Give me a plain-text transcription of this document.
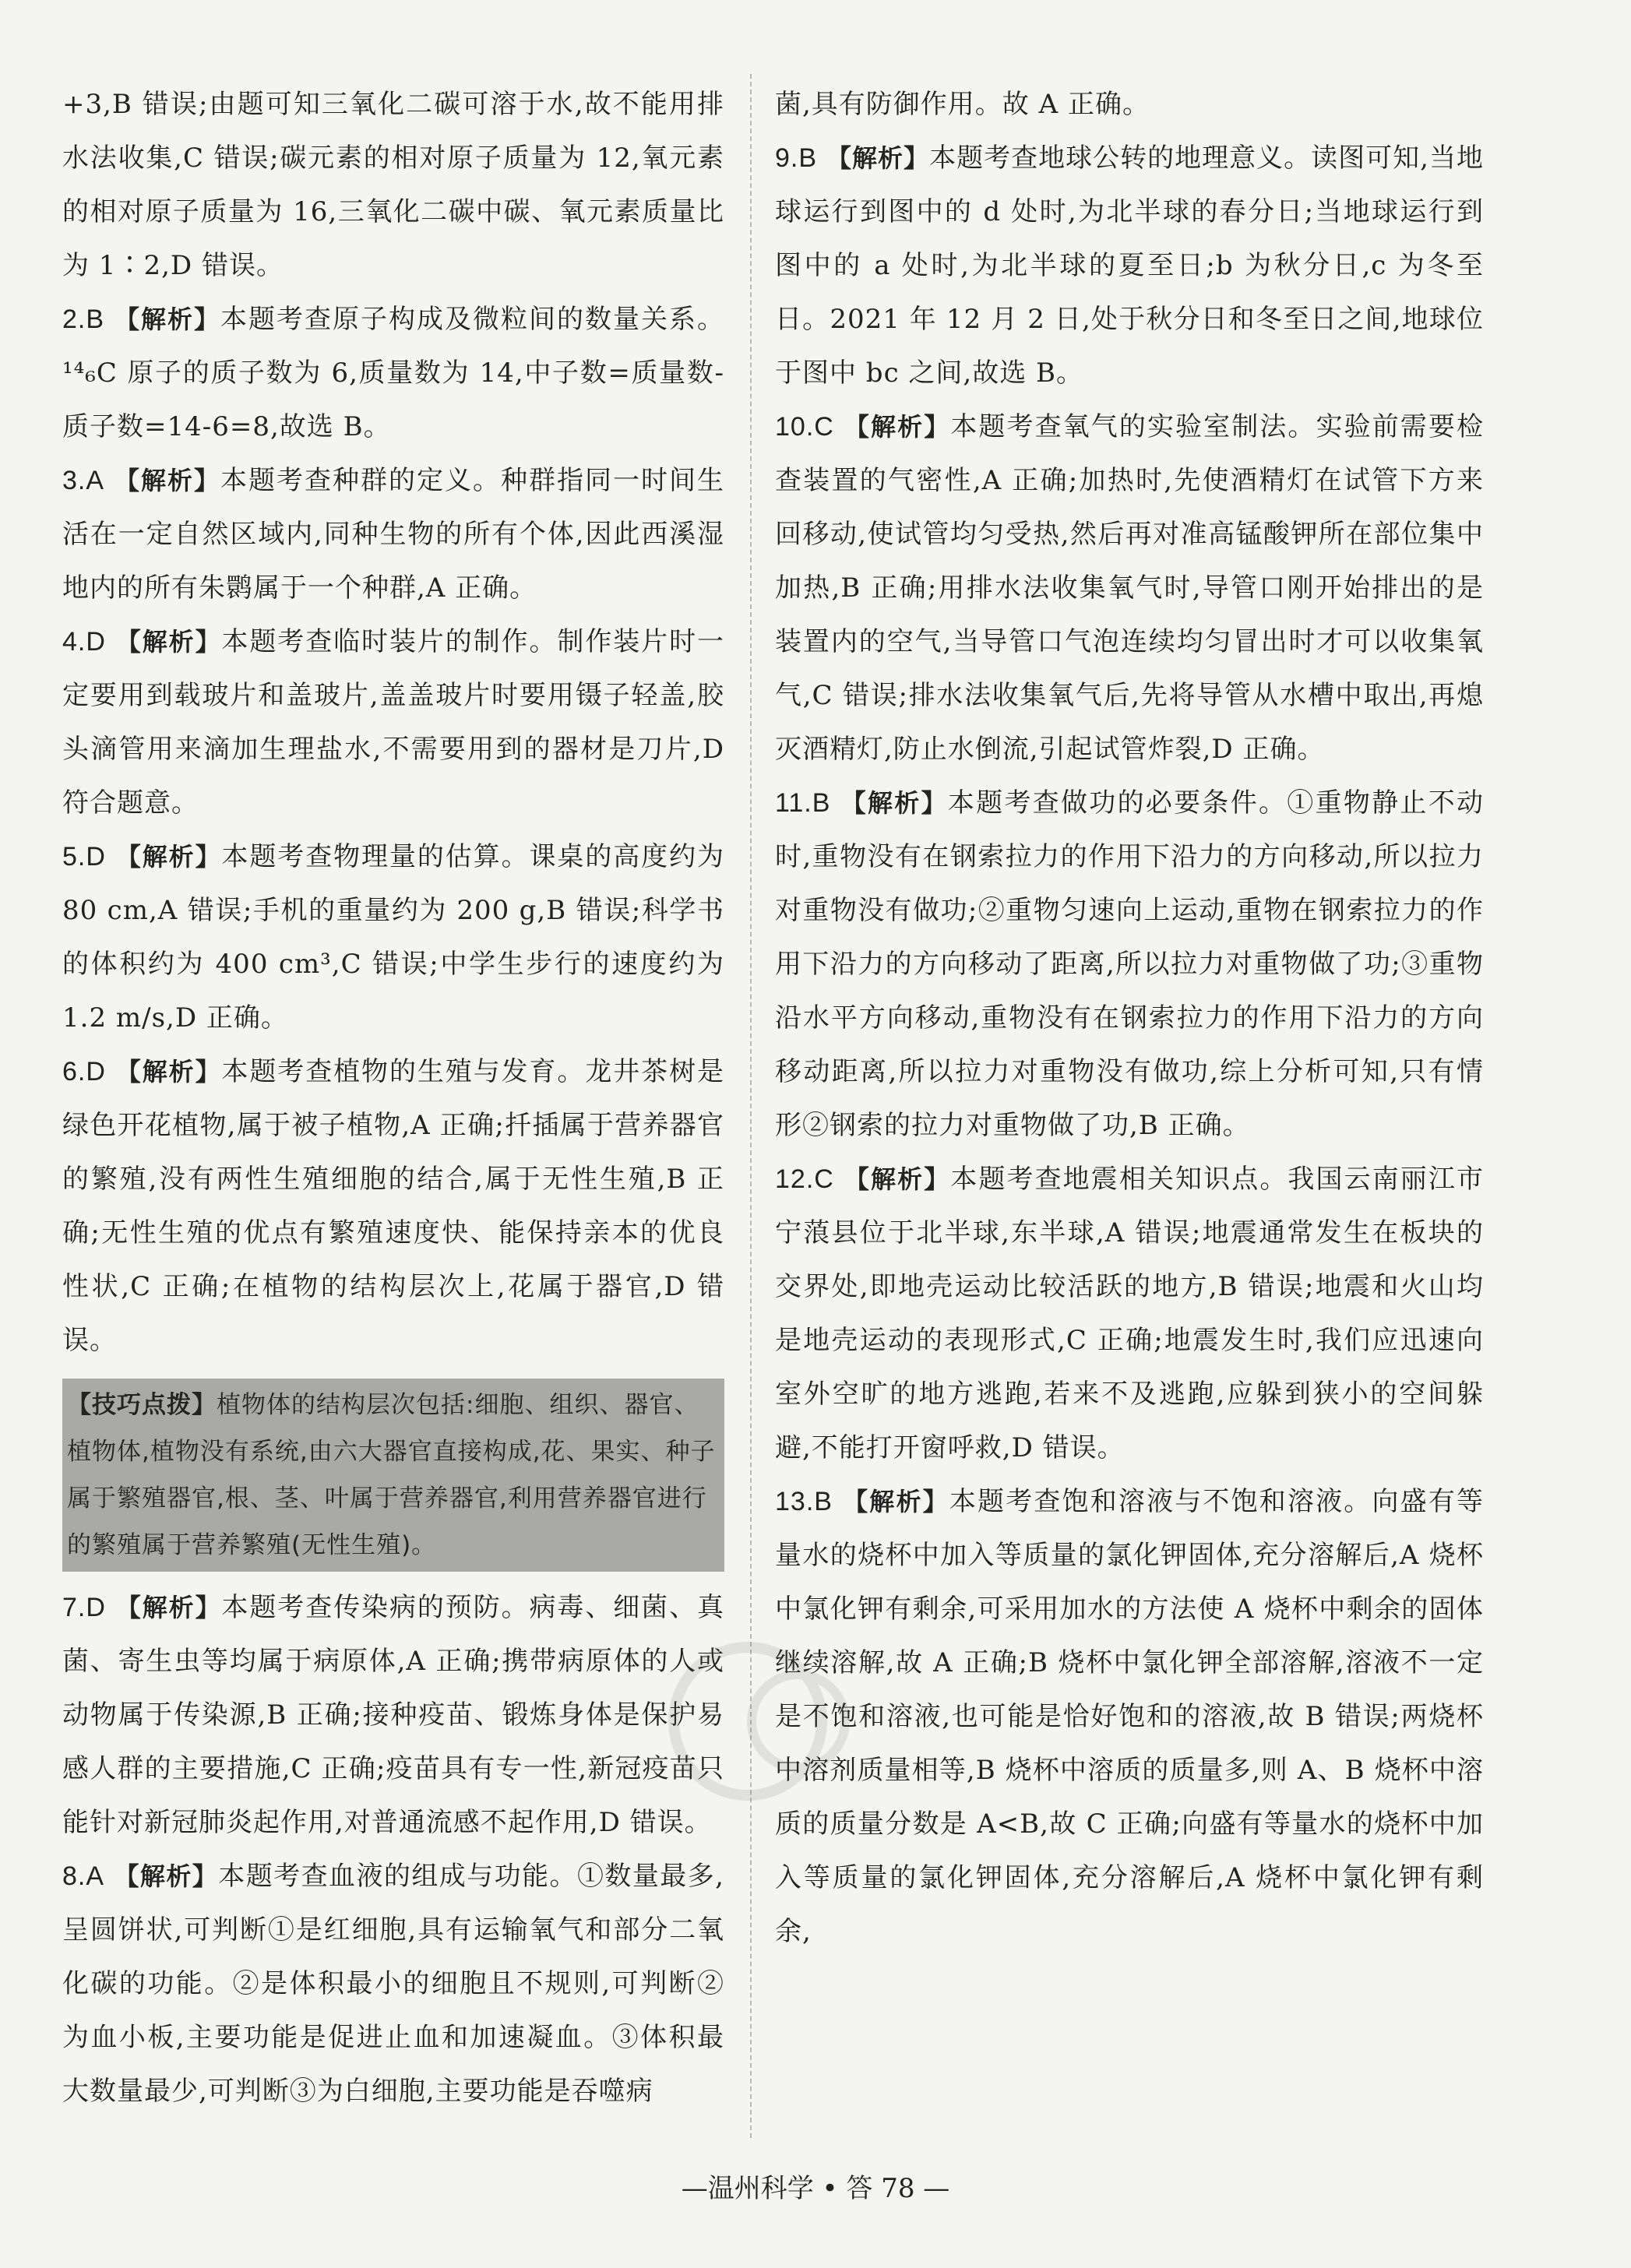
+3,B 错误;由题可知三氧化二碳可溶于水,故不能用排水法收集,C 错误;碳元素的相对原子质量为 12,氧元素的相对原子质量为 16,三氧化二碳中碳、氧元素质量比为 1∶2,D 错误。

2.B 【解析】本题考查原子构成及微粒间的数量关系。¹⁴₆C 原子的质子数为 6,质量数为 14,中子数=质量数-质子数=14-6=8,故选 B。

3.A 【解析】本题考查种群的定义。种群指同一时间生活在一定自然区域内,同种生物的所有个体,因此西溪湿地内的所有朱鹮属于一个种群,A 正确。

4.D 【解析】本题考查临时装片的制作。制作装片时一定要用到载玻片和盖玻片,盖盖玻片时要用镊子轻盖,胶头滴管用来滴加生理盐水,不需要用到的器材是刀片,D 符合题意。

5.D 【解析】本题考查物理量的估算。课桌的高度约为 80 cm,A 错误;手机的重量约为 200 g,B 错误;科学书的体积约为 400 cm³,C 错误;中学生步行的速度约为 1.2 m/s,D 正确。

6.D 【解析】本题考查植物的生殖与发育。龙井茶树是绿色开花植物,属于被子植物,A 正确;扦插属于营养器官的繁殖,没有两性生殖细胞的结合,属于无性生殖,B 正确;无性生殖的优点有繁殖速度快、能保持亲本的优良性状,C 正确;在植物的结构层次上,花属于器官,D 错误。

【技巧点拨】植物体的结构层次包括:细胞、组织、器官、植物体,植物没有系统,由六大器官直接构成,花、果实、种子属于繁殖器官,根、茎、叶属于营养器官,利用营养器官进行的繁殖属于营养繁殖(无性生殖)。

7.D 【解析】本题考查传染病的预防。病毒、细菌、真菌、寄生虫等均属于病原体,A 正确;携带病原体的人或动物属于传染源,B 正确;接种疫苗、锻炼身体是保护易感人群的主要措施,C 正确;疫苗具有专一性,新冠疫苗只能针对新冠肺炎起作用,对普通流感不起作用,D 错误。

8.A 【解析】本题考查血液的组成与功能。①数量最多,呈圆饼状,可判断①是红细胞,具有运输氧气和部分二氧化碳的功能。②是体积最小的细胞且不规则,可判断②为血小板,主要功能是促进止血和加速凝血。③体积最大数量最少,可判断③为白细胞,主要功能是吞噬病

菌,具有防御作用。故 A 正确。

9.B 【解析】本题考查地球公转的地理意义。读图可知,当地球运行到图中的 d 处时,为北半球的春分日;当地球运行到图中的 a 处时,为北半球的夏至日;b 为秋分日,c 为冬至日。2021 年 12 月 2 日,处于秋分日和冬至日之间,地球位于图中 bc 之间,故选 B。

10.C 【解析】本题考查氧气的实验室制法。实验前需要检查装置的气密性,A 正确;加热时,先使酒精灯在试管下方来回移动,使试管均匀受热,然后再对准高锰酸钾所在部位集中加热,B 正确;用排水法收集氧气时,导管口刚开始排出的是装置内的空气,当导管口气泡连续均匀冒出时才可以收集氧气,C 错误;排水法收集氧气后,先将导管从水槽中取出,再熄灭酒精灯,防止水倒流,引起试管炸裂,D 正确。

11.B 【解析】本题考查做功的必要条件。①重物静止不动时,重物没有在钢索拉力的作用下沿力的方向移动,所以拉力对重物没有做功;②重物匀速向上运动,重物在钢索拉力的作用下沿力的方向移动了距离,所以拉力对重物做了功;③重物沿水平方向移动,重物没有在钢索拉力的作用下沿力的方向移动距离,所以拉力对重物没有做功,综上分析可知,只有情形②钢索的拉力对重物做了功,B 正确。

12.C 【解析】本题考查地震相关知识点。我国云南丽江市宁蒗县位于北半球,东半球,A 错误;地震通常发生在板块的交界处,即地壳运动比较活跃的地方,B 错误;地震和火山均是地壳运动的表现形式,C 正确;地震发生时,我们应迅速向室外空旷的地方逃跑,若来不及逃跑,应躲到狭小的空间躲避,不能打开窗呼救,D 错误。

13.B 【解析】本题考查饱和溶液与不饱和溶液。向盛有等量水的烧杯中加入等质量的氯化钾固体,充分溶解后,A 烧杯中氯化钾有剩余,可采用加水的方法使 A 烧杯中剩余的固体继续溶解,故 A 正确;B 烧杯中氯化钾全部溶解,溶液不一定是不饱和溶液,也可能是恰好饱和的溶液,故 B 错误;两烧杯中溶剂质量相等,B 烧杯中溶质的质量多,则 A、B 烧杯中溶质的质量分数是 A<B,故 C 正确;向盛有等量水的烧杯中加入等质量的氯化钾固体,充分溶解后,A 烧杯中氯化钾有剩余,

—温州科学 • 答 78 —
